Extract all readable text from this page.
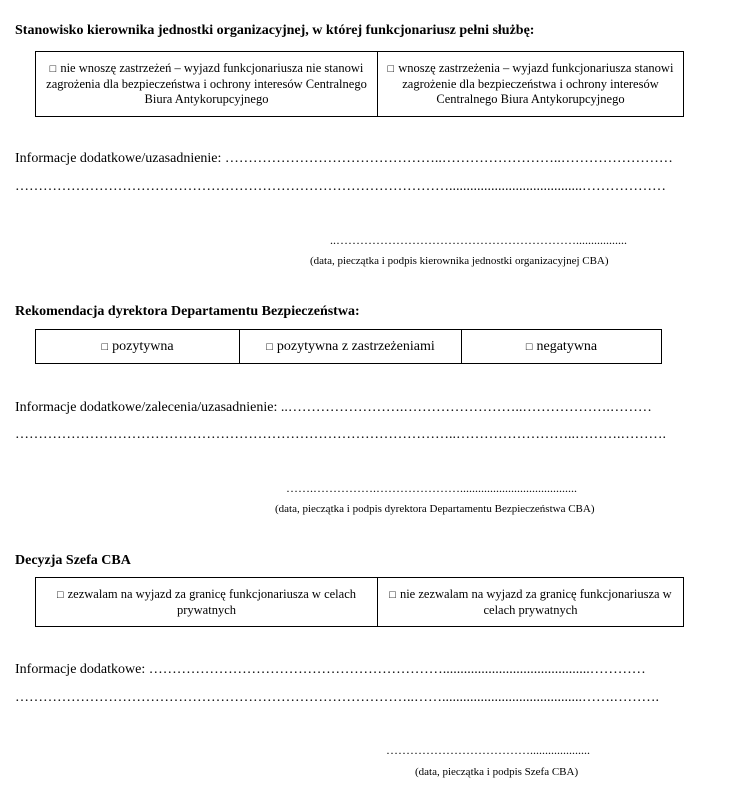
Stanowisko kierownika jednostki organizacyjnej, w której funkcjonariusz pełni służbę:
□ nie wnoszę zastrzeżeń – wyjazd funkcjonariusza nie stanowi zagrożenia dla bezpieczeństwa i ochrony interesów Centralnego Biura Antykorupcyjnego	□ wnoszę zastrzeżenia – wyjazd funkcjonariusza stanowi zagrożenie dla bezpieczeństwa i ochrony interesów Centralnego Biura Antykorupcyjnego
Informacje dodatkowe/uzasadnienie: ………………………………………..……………………..……………………
…………………………………………………………………………………......................................………………
..…………………………………………………….................
(data, pieczątka i podpis kierownika jednostki organizacyjnej CBA)
Rekomendacja dyrektora Departamentu Bezpieczeństwa:
□ pozytywna	□ pozytywna z zastrzeżeniami	□ negatywna
Informacje dodatkowe/zalecenia/uzasadnienie: ..…………………….……………………..……………….………
…………………………………………………………………………………..……………………..……….……….
…….…………….………………….......................................
(data, pieczątka i podpis dyrektora Departamentu Bezpieczeństwa CBA)
Decyzja Szefa CBA
□ zezwalam na wyjazd za granicę funkcjonariusza w celach prywatnych	□ nie zezwalam na wyjazd za granicę funkcjonariusza w celach prywatnych
Informacje dodatkowe: ………………………………………………………..........................................…………
…………………………………………………………………………..……........................................…….……….
………………………………....................
(data, pieczątka i podpis Szefa CBA)
